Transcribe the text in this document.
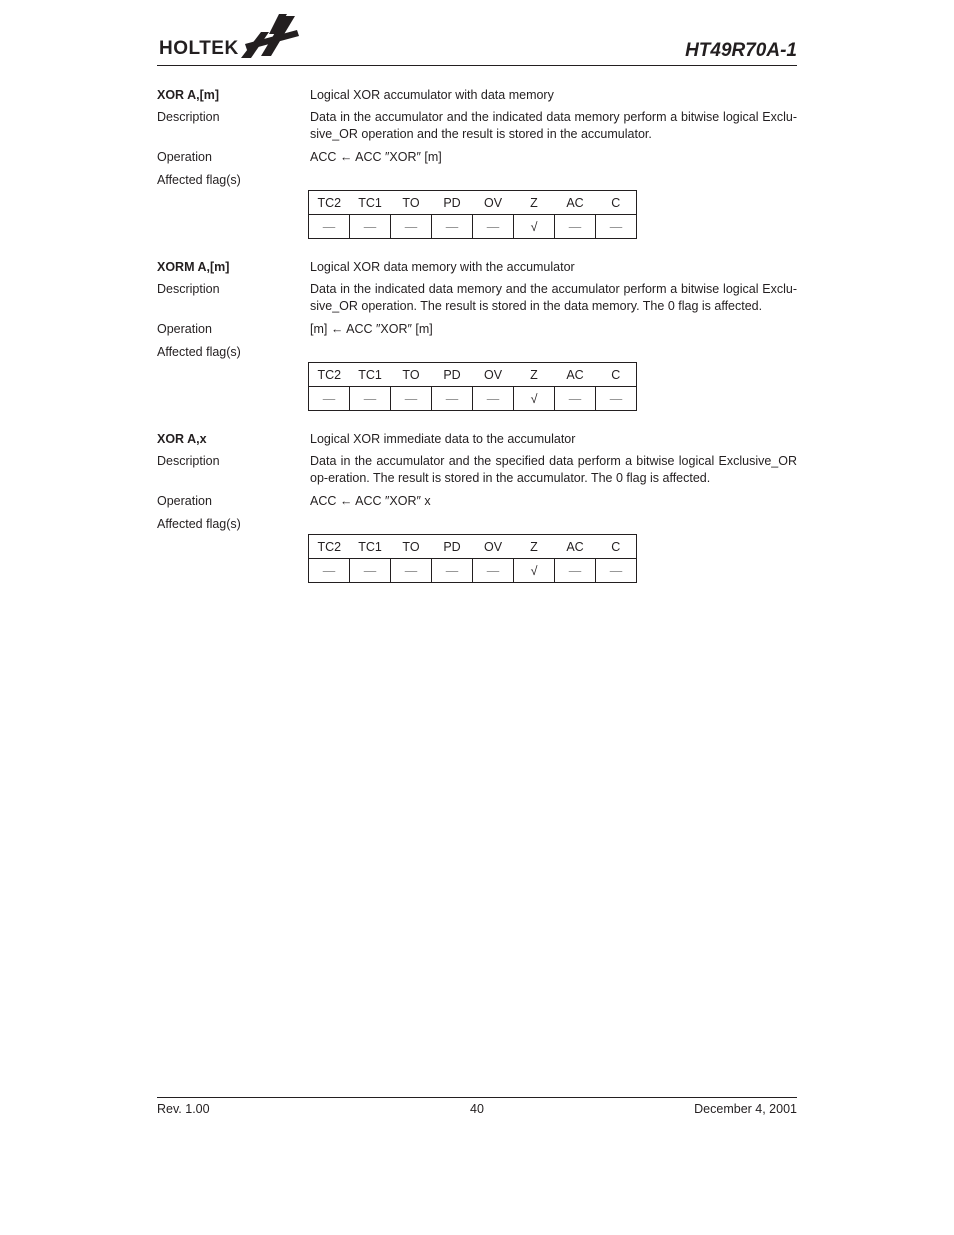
HOLTEK	HT49R70A-1
XOR A,[m]	Logical XOR accumulator with data memory
Description	Data in the accumulator and the indicated data memory perform a bitwise logical Exclu-sive_OR operation and the result is stored in the accumulator.
Operation	ACC ← ACC ″XOR″ [m]
Affected flag(s)
TC2	TC1	TO	PD	OV	Z	AC	C
—	—	—	—	—	√	—	—
XORM A,[m]	Logical XOR data memory with the accumulator
Description	Data in the indicated data memory and the accumulator perform a bitwise logical Exclu-sive_OR operation. The result is stored in the data memory. The 0 flag is affected.
Operation	[m] ← ACC ″XOR″ [m]
Affected flag(s)
TC2	TC1	TO	PD	OV	Z	AC	C
—	—	—	—	—	√	—	—
XOR A,x	Logical XOR immediate data to the accumulator
Description	Data in the accumulator and the specified data perform a bitwise logical Exclusive_OR op-eration. The result is stored in the accumulator. The 0 flag is affected.
Operation	ACC ← ACC ″XOR″ x
Affected flag(s)
TC2	TC1	TO	PD	OV	Z	AC	C
—	—	—	—	—	√	—	—
Rev. 1.00	40	December 4, 2001
